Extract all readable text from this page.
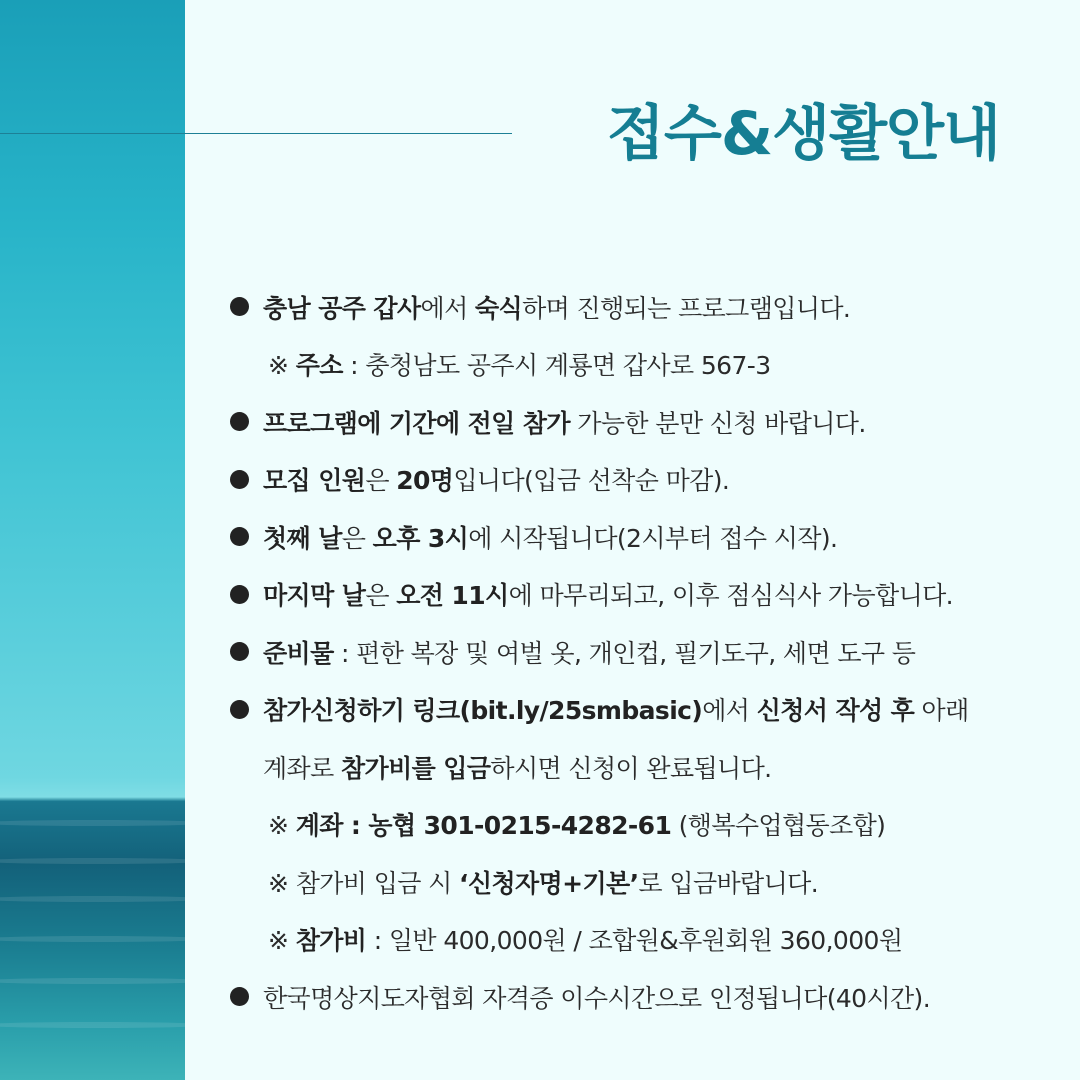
접수&생활안내
충남 공주 갑사에서 숙식하며 진행되는 프로그램입니다.
※ 주소 : 충청남도 공주시 계룡면 갑사로 567-3
프로그램에 기간에 전일 참가 가능한 분만 신청 바랍니다.
모집 인원은 20명입니다(입금 선착순 마감).
첫째 날은 오후 3시에 시작됩니다(2시부터 접수 시작).
마지막 날은 오전 11시에 마무리되고, 이후 점심식사 가능합니다.
준비물 : 편한 복장 및 여벌 옷, 개인컵, 필기도구, 세면 도구 등
참가신청하기 링크(bit.ly/25smbasic)에서 신청서 작성 후 아래
계좌로 참가비를 입금하시면 신청이 완료됩니다.
※ 계좌 : 농협 301-0215-4282-61 (행복수업협동조합)
※ 참가비 입금 시 ‘신청자명+기본’로 입금바랍니다.
※ 참가비 : 일반 400,000원 / 조합원&후원회원 360,000원
한국명상지도자협회 자격증 이수시간으로 인정됩니다(40시간).
